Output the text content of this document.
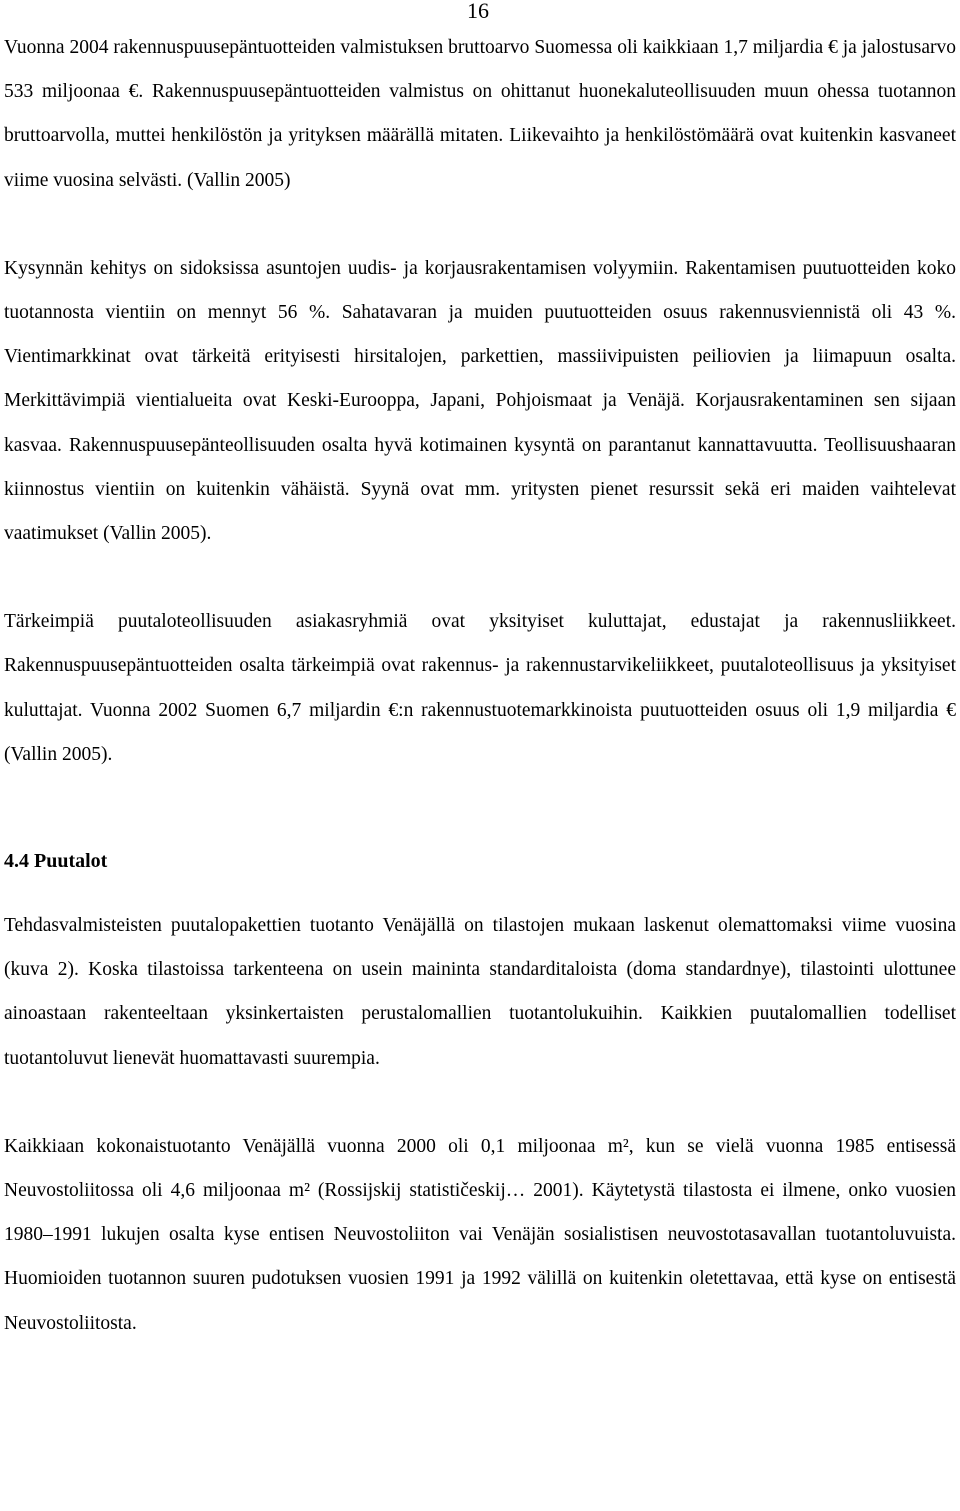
16

Vuonna 2004 rakennuspuusepäntuotteiden valmistuksen bruttoarvo Suomessa oli kaikkiaan 1,7 miljardia € ja jalostusarvo 533 miljoonaa €. Rakennuspuusepäntuotteiden valmistus on ohittanut huonekaluteollisuuden muun ohessa tuotannon bruttoarvolla, muttei henkilöstön ja yrityksen määrällä mitaten. Liikevaihto ja henkilöstömäärä ovat kuitenkin kasvaneet viime vuosina selvästi. (Vallin 2005)

Kysynnän kehitys on sidoksissa asuntojen uudis- ja korjausrakentamisen volyymiin. Rakentamisen puutuotteiden koko tuotannosta vientiin on mennyt 56 %. Sahatavaran ja muiden puutuotteiden osuus rakennusviennistä oli 43 %. Vientimarkkinat ovat tärkeitä erityisesti hirsitalojen, parkettien, massiivipuisten peiliovien ja liimapuun osalta. Merkittävimpiä vientialueita ovat Keski-Eurooppa, Japani, Pohjoismaat ja Venäjä. Korjausrakentaminen sen sijaan kasvaa. Rakennuspuusepänteollisuuden osalta hyvä kotimainen kysyntä on parantanut kannattavuutta. Teollisuushaaran kiinnostus vientiin on kuitenkin vähäistä. Syynä ovat mm. yritysten pienet resurssit sekä eri maiden vaihtelevat vaatimukset (Vallin 2005).

Tärkeimpiä puutaloteollisuuden asiakasryhmiä ovat yksityiset kuluttajat, edustajat ja rakennusliikkeet. Rakennuspuusepäntuotteiden osalta tärkeimpiä ovat rakennus- ja rakennustarvikeliikkeet, puutaloteollisuus ja yksityiset kuluttajat. Vuonna 2002 Suomen 6,7 miljardin €:n rakennustuotemarkkinoista puutuotteiden osuus oli 1,9 miljardia € (Vallin 2005).

4.4 Puutalot

Tehdasvalmisteisten puutalopakettien tuotanto Venäjällä on tilastojen mukaan laskenut olemattomaksi viime vuosina (kuva 2). Koska tilastoissa tarkenteena on usein maininta standarditaloista (doma standardnye), tilastointi ulottunee ainoastaan rakenteeltaan yksinkertaisten perustalomallien tuotantolukuihin. Kaikkien puutalomallien todelliset tuotantoluvut lienevät huomattavasti suurempia.

Kaikkiaan kokonaistuotanto Venäjällä vuonna 2000 oli 0,1 miljoonaa m², kun se vielä vuonna 1985 entisessä Neuvostoliitossa oli 4,6 miljoonaa m² (Rossijskij statističeskij… 2001). Käytetystä tilastosta ei ilmene, onko vuosien 1980–1991 lukujen osalta kyse entisen Neuvostoliiton vai Venäjän sosialistisen neuvostotasavallan tuotantoluvuista. Huomioiden tuotannon suuren pudotuksen vuosien 1991 ja 1992 välillä on kuitenkin oletettavaa, että kyse on entisestä Neuvostoliitosta.
